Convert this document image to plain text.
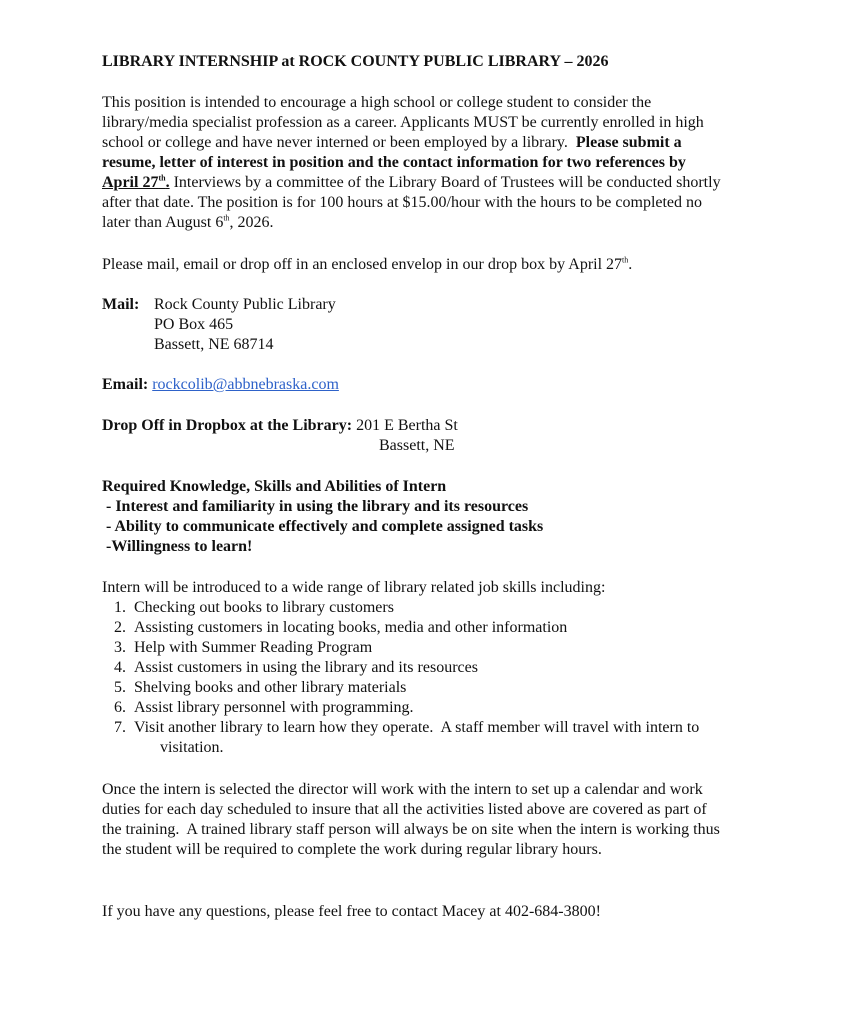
LIBRARY INTERNSHIP at ROCK COUNTY PUBLIC LIBRARY – 2026
This position is intended to encourage a high school or college student to consider the
library/media specialist profession as a career. Applicants MUST be currently enrolled in high
school or college and have never interned or been employed by a library. Please submit a
resume, letter of interest in position and the contact information for two references by
April 27th. Interviews by a committee of the Library Board of Trustees will be conducted shortly
after that date. The position is for 100 hours at $15.00/hour with the hours to be completed no
later than August 6th, 2026.
Please mail, email or drop off in an enclosed envelop in our drop box by April 27th.
Mail: Rock County Public Library
PO Box 465
Bassett, NE 68714
Email: rockcolib@abbnebraska.com
Drop Off in Dropbox at the Library: 201 E Bertha St
Bassett, NE
Required Knowledge, Skills and Abilities of Intern
- Interest and familiarity in using the library and its resources
- Ability to communicate effectively and complete assigned tasks
-Willingness to learn!
Intern will be introduced to a wide range of library related job skills including:
1. Checking out books to library customers
2. Assisting customers in locating books, media and other information
3. Help with Summer Reading Program
4. Assist customers in using the library and its resources
5. Shelving books and other library materials
6. Assist library personnel with programming.
7. Visit another library to learn how they operate.  A staff member will travel with intern to
visitation.
Once the intern is selected the director will work with the intern to set up a calendar and work
duties for each day scheduled to insure that all the activities listed above are covered as part of
the training.  A trained library staff person will always be on site when the intern is working thus
the student will be required to complete the work during regular library hours.
If you have any questions, please feel free to contact Macey at 402-684-3800!
